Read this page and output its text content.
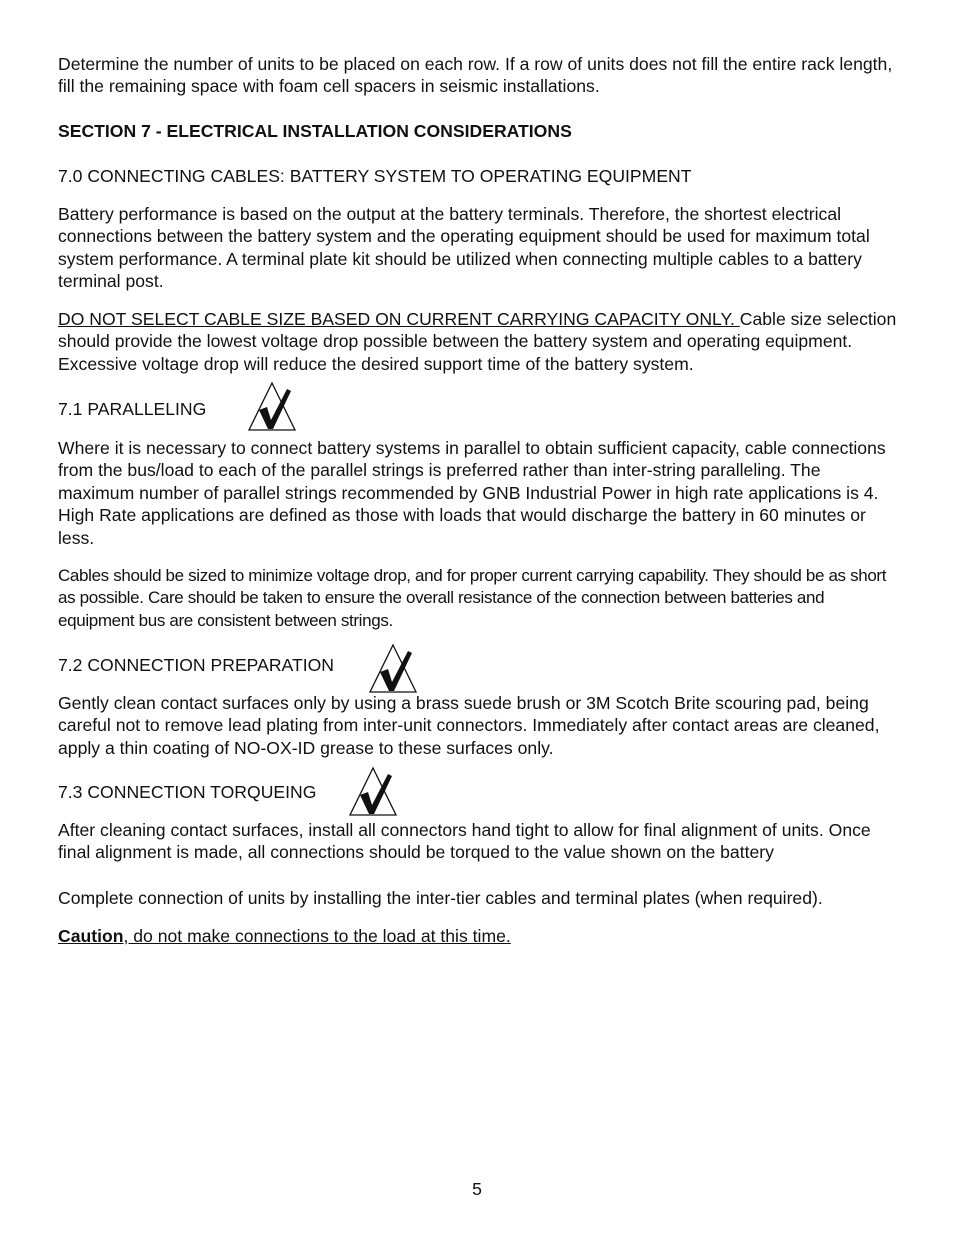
Determine the number of units to be placed on each row. If a row of units does not fill the entire rack length, fill the remaining space with foam cell spacers in seismic installations.

SECTION 7 - ELECTRICAL INSTALLATION CONSIDERATIONS

7.0 CONNECTING CABLES: BATTERY SYSTEM TO OPERATING EQUIPMENT

Battery performance is based on the output at the battery terminals. Therefore, the shortest electrical connections between the battery system and the operating equipment should be used for maximum total system performance. A terminal plate kit should be utilized when connecting multiple cables to a battery terminal post.

DO NOT SELECT CABLE SIZE BASED ON CURRENT CARRYING CAPACITY ONLY. Cable size selection should provide the lowest voltage drop possible between the battery system and operating equipment. Excessive voltage drop will reduce the desired support time of the battery system.

7.1 PARALLELING

Where it is necessary to connect battery systems in parallel to obtain sufficient capacity, cable connections from the bus/load to each of the parallel strings is preferred rather than inter-string paralleling. The maximum number of parallel strings recommended by GNB Industrial Power in high rate applications is 4. High Rate applications are defined as those with loads that would discharge the battery in 60 minutes or less.

Cables should be sized to minimize voltage drop, and for proper current carrying capability. They should be as short as possible. Care should be taken to ensure the overall resistance of the connection between batteries and equipment bus are consistent between strings.

7.2 CONNECTION PREPARATION

Gently clean contact surfaces only by using a brass suede brush or 3M Scotch Brite scouring pad, being careful not to remove lead plating from inter-unit connectors. Immediately after contact areas are cleaned, apply a thin coating of NO-OX-ID grease to these surfaces only.

7.3 CONNECTION TORQUEING

After cleaning contact surfaces, install all connectors hand tight to allow for final alignment of units. Once final alignment is made, all connections should be torqued to the value shown on the battery

Complete connection of units by installing the inter-tier cables and terminal plates (when required).

Caution, do not make connections to the load at this time.

5
